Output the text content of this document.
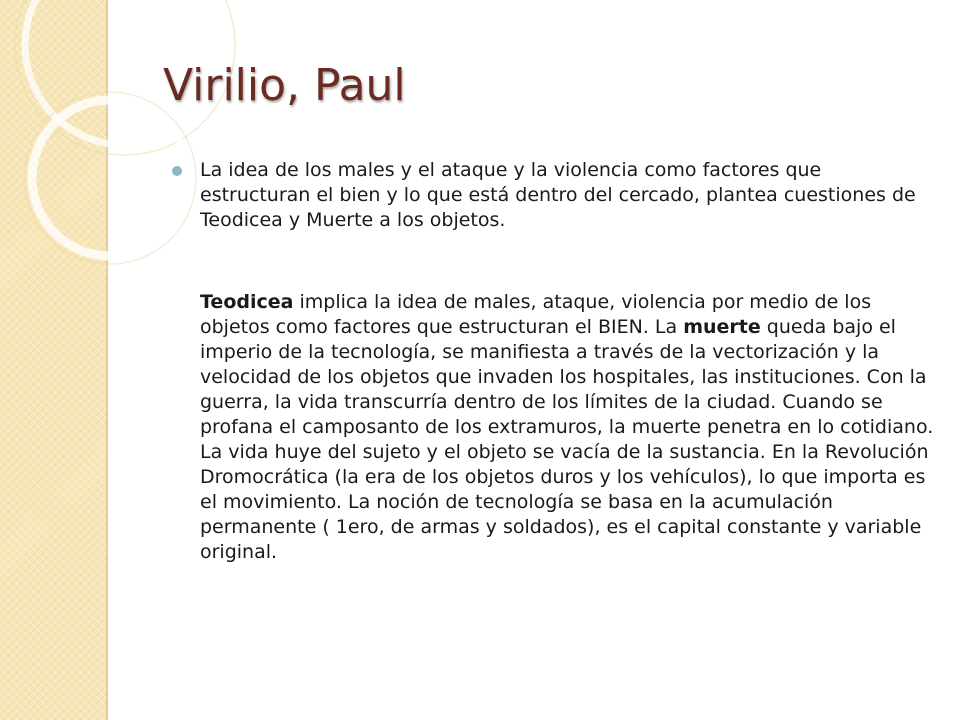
Virilio, Paul

La idea de los males y el ataque y la violencia como factores que estructuran el bien y lo que está dentro del cercado, plantea cuestiones de Teodicea y Muerte a los objetos.

Teodicea implica la idea de males, ataque, violencia por medio de los objetos como factores que estructuran el BIEN. La muerte queda bajo el imperio de la tecnología, se manifiesta a través de la vectorización y la velocidad de los objetos que invaden los hospitales, las instituciones. Con la guerra, la vida transcurría dentro de los límites de la ciudad. Cuando se profana el camposanto de los extramuros, la muerte penetra en lo cotidiano. La vida huye del sujeto y el objeto se vacía de la sustancia. En la Revolución Dromocrática (la era de los objetos duros y los vehículos), lo que importa es el movimiento. La noción de tecnología se basa en la acumulación permanente ( 1ero, de armas y soldados), es el capital constante y variable original.
